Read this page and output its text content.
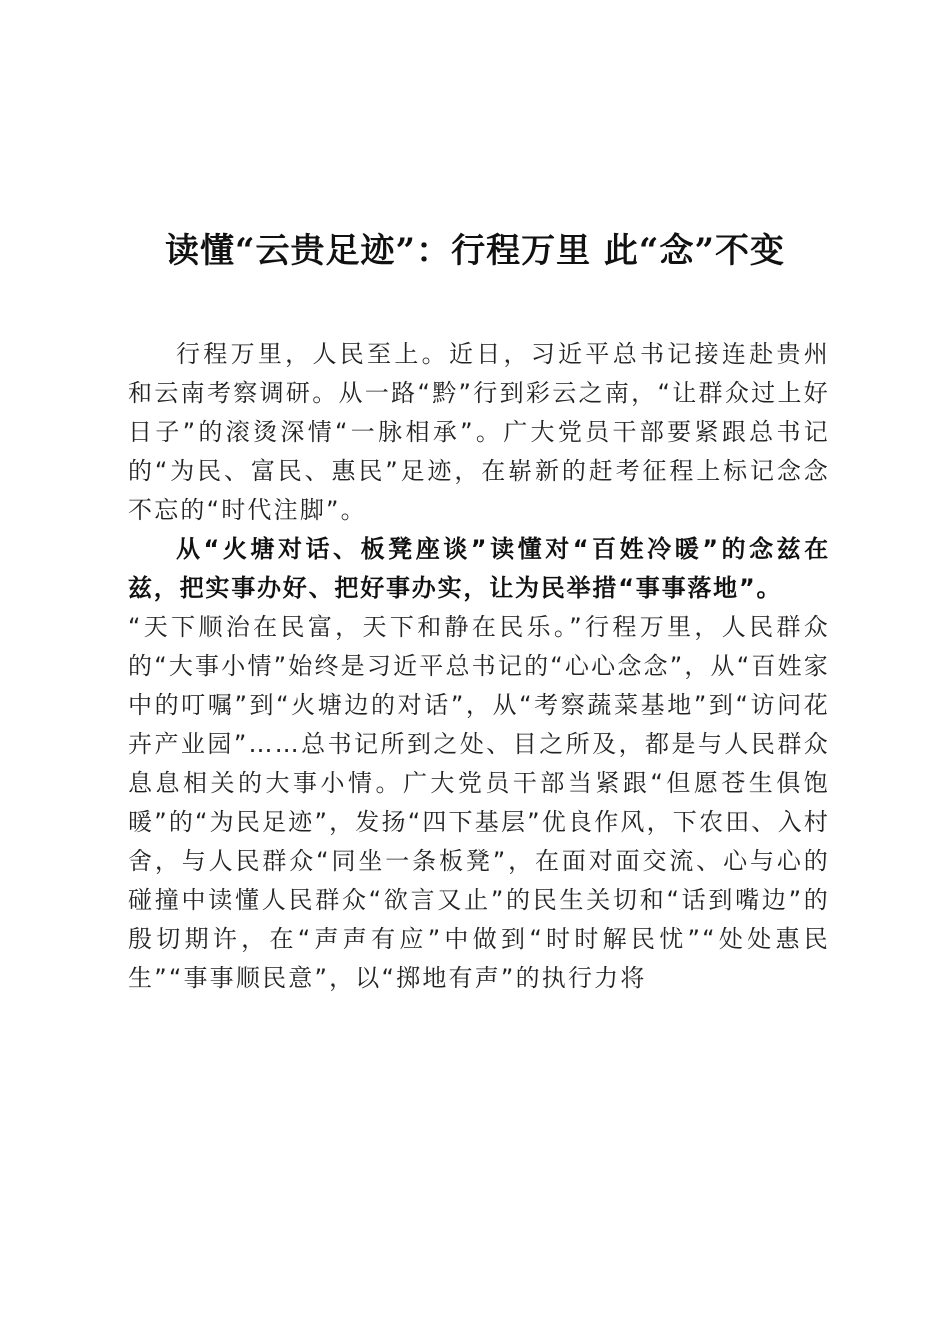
读懂“云贵足迹”：行程万里 此“念”不变

行程万里，人民至上。近日，习近平总书记接连赴贵州和云南考察调研。从一路“黔”行到彩云之南，“让群众过上好日子”的滚烫深情“一脉相承”。广大党员干部要紧跟总书记的“为民、富民、惠民”足迹，在崭新的赶考征程上标记念念不忘的“时代注脚”。

从“火塘对话、板凳座谈”读懂对“百姓冷暖”的念兹在兹，把实事办好、把好事办实，让为民举措“事事落地”。

“天下顺治在民富，天下和静在民乐。”行程万里，人民群众的“大事小情”始终是习近平总书记的“心心念念”，从“百姓家中的叮嘱”到“火塘边的对话”，从“考察蔬菜基地”到“访问花卉产业园”……总书记所到之处、目之所及，都是与人民群众息息相关的大事小情。广大党员干部当紧跟“但愿苍生俱饱暖”的“为民足迹”，发扬“四下基层”优良作风，下农田、入村舍，与人民群众“同坐一条板凳”，在面对面交流、心与心的碰撞中读懂人民群众“欲言又止”的民生关切和“话到嘴边”的殷切期许，在“声声有应”中做到“时时解民忧”“处处惠民生”“事事顺民意”，以“掷地有声”的执行力将
